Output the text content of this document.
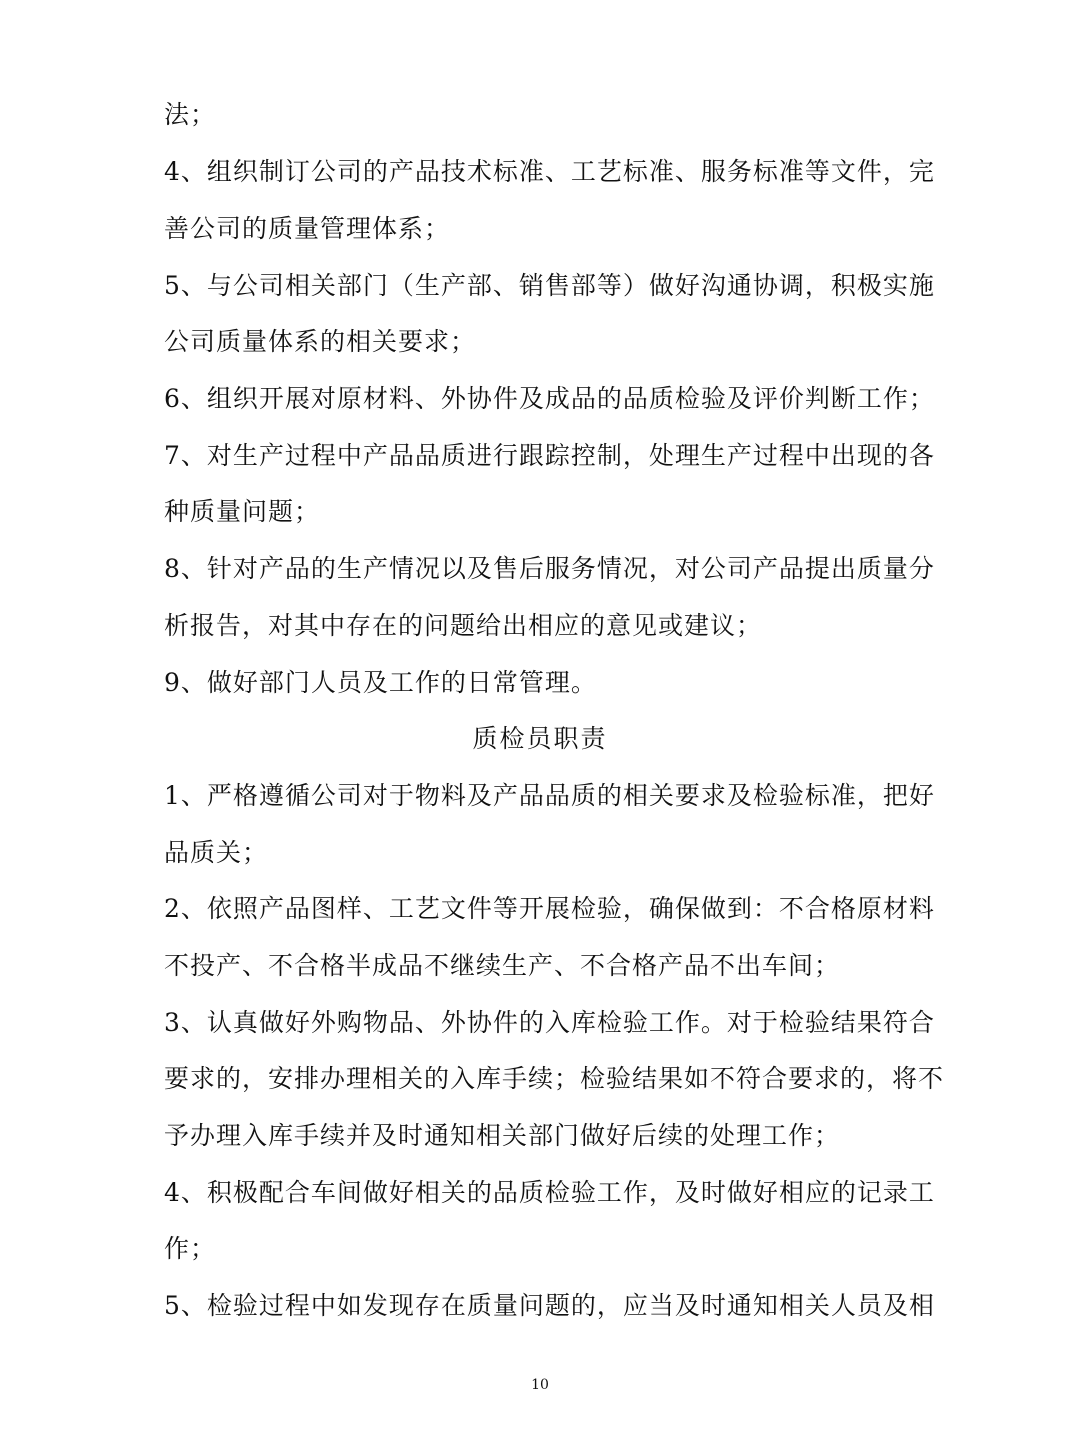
法；
4、组织制订公司的产品技术标准、工艺标准、服务标准等文件，完
善公司的质量管理体系；
5、与公司相关部门（生产部、销售部等）做好沟通协调，积极实施
公司质量体系的相关要求；
6、组织开展对原材料、外协件及成品的品质检验及评价判断工作；
7、对生产过程中产品品质进行跟踪控制，处理生产过程中出现的各
种质量问题；
8、针对产品的生产情况以及售后服务情况，对公司产品提出质量分
析报告，对其中存在的问题给出相应的意见或建议；
9、做好部门人员及工作的日常管理。
质检员职责
1、严格遵循公司对于物料及产品品质的相关要求及检验标准，把好
品质关；
2、依照产品图样、工艺文件等开展检验，确保做到：不合格原材料
不投产、不合格半成品不继续生产、不合格产品不出车间；
3、认真做好外购物品、外协件的入库检验工作。对于检验结果符合
要求的，安排办理相关的入库手续；检验结果如不符合要求的，将不
予办理入库手续并及时通知相关部门做好后续的处理工作；
4、积极配合车间做好相关的品质检验工作，及时做好相应的记录工
作；
5、检验过程中如发现存在质量问题的，应当及时通知相关人员及相
10
